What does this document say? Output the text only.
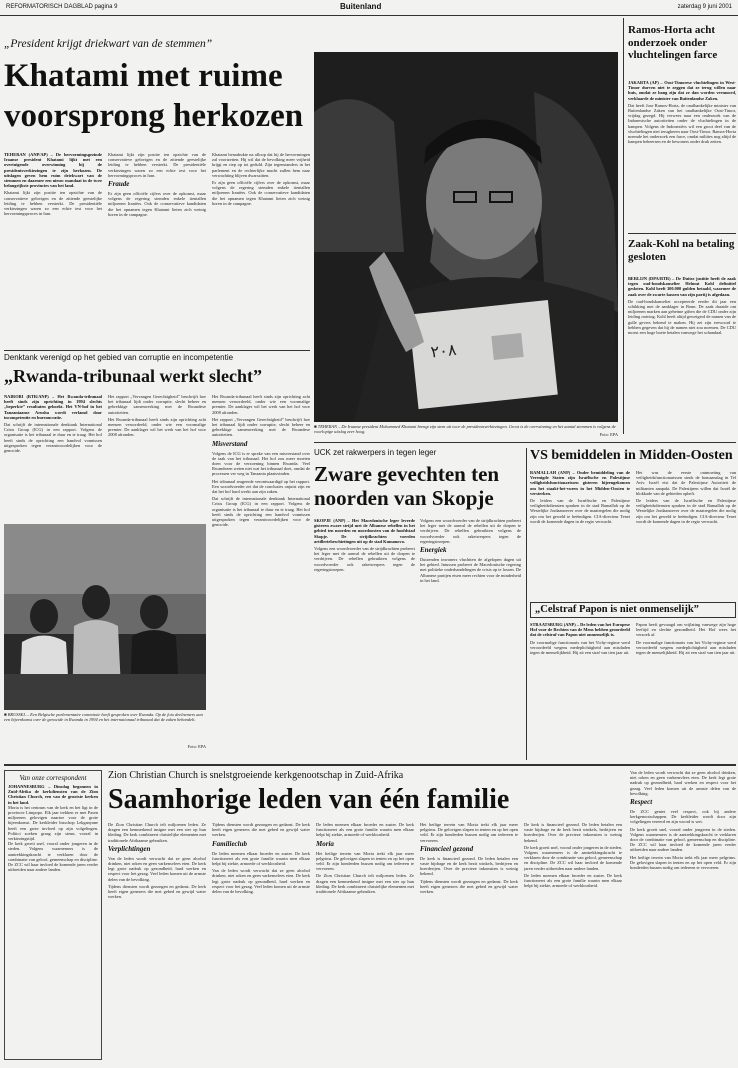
REFORMATORISCH DAGBLAD pagina 9	Buitenland	zaterdag 9 juni 2001
„President krijgt driekwart van de stemmen”
Khatami met ruime voorsprong herkozen

TEHERAN (ANP/AP) – De hervormingsgezinde Iraanse president Khatami lijkt met een overtuigende overwinning bij de presidentsverkiezingen te zijn herkozen. De uitslagen geven hem ruim driekwart van de stemmen en daarmee een nieuw mandaat in de twee belangrijkste provincies van het land.

Khatami lijkt zijn positie ten opzichte van de conservatieve gelovigen en de zittende geestelijke leiding te hebben versterkt. De presidentiële verkiezingen waren zo een echte test voor het hervormingsproces in Iran.

Khatami lijkt zijn positie ten opzichte van de conservatieve gelovigen en de zittende geestelijke leiding te hebben versterkt. De presidentiële verkiezingen waren zo een echte test voor het hervormingsproces in Iran.

Fraude

Er zijn geen officiële cijfers over de opkomst, maar volgens de regering stemden enkele tientallen miljoenen Iraniërs. Ook de conservatieve kandidaten die het opnamen tegen Khatami lieten zich weinig horen in de campagne.

Khatami benadrukte na afloop dat hij de hervormingen zal voortzetten. Hij wil dat de bevolking meer vrijheid krijgt en riep op tot geduld. Zijn tegenstanders in het parlement en de rechterlijke macht zullen hem naar verwachting blijven dwarszitten.

Er zijn geen officiële cijfers over de opkomst, maar volgens de regering stemden enkele tientallen miljoenen Iraniërs. Ook de conservatieve kandidaten die het opnamen tegen Khatami lieten zich weinig horen in de campagne.

٢٠٨
■ TEHERAN – De Iraanse president Mohammed Khatami brengt zijn stem uit voor de presidentsverkiezingen. Groot is de overwinning en het aantal stemmen is volgens de voorlopige uitslag zeer hoog.
Foto: EPA
Ramos-Horta acht onderzoek onder vluchtelingen farce

JAKARTA (AP) – Oost-Timorese vluchtelingen in West-Timor durven niet te zeggen dat ze terug willen naar huis, omdat ze bang zijn dat ze dan worden vermoord, verklaarde de minister van Buitenlandse Zaken.

Dat heeft Jose Ramos-Horta, de onafhankelijke minister van Buitenlandse Zaken van het onafhankelijke Oost-Timor, vrijdag gezegd. Hij verwees naar een onderzoek van de Indonesische autoriteiten onder de vluchtelingen in de kampen. Volgens de Indonesiërs wil een groot deel van de vluchtelingen niet terugkeren naar Oost-Timor. Ramos-Horta noemde het onderzoek een farce, omdat milities nog altijd de kampen beheersen en de bewoners onder druk zetten.

Zaak-Kohl na betaling gesloten

BERLIJN (DPA/RTR) – De Duitse justitie heeft de zaak tegen oud-bondskanselier Helmut Kohl definitief gesloten. Kohl heeft 300.000 gulden betaald, waarmee de zaak over de zwarte kassen van zijn partij is afgedaan.

De oud-bondskanselier accepteerde eerder dit jaar een schikking met de aanklager in Bonn. De zaak draaide om miljoenen marken aan geheime giften die de CDU onder zijn leiding ontving. Kohl heeft altijd geweigerd de namen van de gulle gevers bekend te maken. Hij zei zijn erewoord te hebben gegeven dat hij de namen niet zou noemen. De CDU moest een hoge boete betalen vanwege het schandaal.

Denktank verenigd op het gebied van corruptie en incompetentie
„Rwanda-tribunaal werkt slecht”

NAIROBI (RTR/ANP) – Het Rwanda-tribunaal heeft sinds zijn oprichting in 1994 slechts „beperkte” resultaten geboekt. Het VN-hof in het Tanzaniaanse Arusha wordt verlamd door incompetentie en bureaucratie.

Dat schrijft de internationale denktank International Crisis Group (ICG) in een rapport. Volgens de organisatie is het tribunaal te duur en te traag. Het hof heeft sinds de oprichting een handvol vonnissen uitgesproken tegen verantwoordelijken voor de genocide.

Het rapport „Vervangen Gerechtigheid” beschrijft hoe het tribunaal lijdt onder corruptie, slecht beheer en gebrekkige samenwerking met de Rwandese autoriteiten.

Het Rwanda-tribunaal heeft sinds zijn oprichting acht mensen veroordeeld, onder wie een voormalige premier. De aanklager wil het werk van het hof voor 2008 afronden.

Het Rwanda-tribunaal heeft sinds zijn oprichting acht mensen veroordeeld, onder wie een voormalige premier. De aanklager wil het werk van het hof voor 2008 afronden.

Het rapport „Vervangen Gerechtigheid” beschrijft hoe het tribunaal lijdt onder corruptie, slecht beheer en gebrekkige samenwerking met de Rwandese autoriteiten.

Misverstand

Volgens de ICG is er sprake van een misverstand over de taak van het tribunaal. Het hof zou meer moeten doen voor de verzoening binnen Rwanda. Veel Rwandezen weten niet wat het tribunaal doet, omdat de processen ver weg in Tanzania plaatsvinden.

Het tribunaal reageerde verontwaardigd op het rapport. Een woordvoerder zei dat de conclusies onjuist zijn en dat het hof hard werkt aan zijn zaken.

Dat schrijft de internationale denktank International Crisis Group (ICG) in een rapport. Volgens de organisatie is het tribunaal te duur en te traag. Het hof heeft sinds de oprichting een handvol vonnissen uitgesproken tegen verantwoordelijken voor de genocide.

■ BRUSSEL – Een Belgische parlementaire commissie heeft gesproken over Rwanda. Op de foto deelnemers aan een bijeenkomst over de genocide in Rwanda in 1994 en het internationaal tribunaal dat de zaken behandelt.
Foto: EPA
UCK zet rakwerpers in tegen leger
Zware gevechten ten noorden van Skopje

SKOPJE (ANP) – Het Macedonische leger leverde gisteren zware strijd met de Albanese rebellen in het gebied ten noorden en noordoosten van de hoofdstad Skopje. De strijdkrachten voerden artilleriebeschietingen uit op de stad Kumanovo.

Volgens een woordvoerder van de strijdkrachten probeert het leger met de aanval de rebellen uit de dorpen te verdrijven. De rebellen gebruikten volgens de woordvoerder ook raketwerpers tegen de regeringstroepen.

Volgens een woordvoerder van de strijdkrachten probeert het leger met de aanval de rebellen uit de dorpen te verdrijven. De rebellen gebruikten volgens de woordvoerder ook raketwerpers tegen de regeringstroepen.

Energiek

Duizenden inwoners vluchtten de afgelopen dagen uit het gebied. Intussen probeert de Macedonische regering met politieke onderhandelingen de crisis op te lossen. De Albanese partijen eisen meer rechten voor de minderheid in het land.

VS bemiddelen in Midden-Oosten

RAMALLAH (ANP) – Onder bemiddeling van de Verenigde Staten zijn Israëlische en Palestijnse veiligheidsfunctionarissen gisteren bijeengekomen om het staakt-het-vuren in het Midden-Oosten te versterken.

De leiders van de Israëlische en Palestijnse veiligheidsdiensten spraken in de stad Ramallah op de Westelijke Jordaanoever over de maatregelen die nodig zijn om het geweld te beëindigen. CIA-directeur Tenet wordt de komende dagen in de regio verwacht.

Het was de eerste ontmoeting van veiligheidsfunctionarissen sinds de bomaanslag in Tel Aviv. Israël eist dat de Palestijnse Autoriteit de militanten aanpakt. De Palestijnen willen dat Israël de blokkade van de gebieden opheft.

De leiders van de Israëlische en Palestijnse veiligheidsdiensten spraken in de stad Ramallah op de Westelijke Jordaanoever over de maatregelen die nodig zijn om het geweld te beëindigen. CIA-directeur Tenet wordt de komende dagen in de regio verwacht.

„Celstraf Papon is niet onmenselijk”

STRAATSBURG (ANP) – De leden van het Europese Hof voor de Rechten van de Mens hebben geoordeeld dat de celstraf van Papon niet onmenselijk is.

De voormalige functionaris van het Vichy-regime werd veroordeeld wegens medeplichtigheid aan misdaden tegen de menselijkheid. Hij zit een straf van tien jaar uit.

Papon heeft gevraagd om vrijlating vanwege zijn hoge leeftijd en slechte gezondheid. Het Hof wees het verzoek af.

De voormalige functionaris van het Vichy-regime werd veroordeeld wegens medeplichtigheid aan misdaden tegen de menselijkheid. Hij zit een straf van tien jaar uit.

Van onze correspondent

JOHANNESBURG – Dinsdag begonnen in Zuid-Afrika de kerkdiensten van de Zion Christian Church, een van de grootste kerken in het land.

Moria is het centrum van de kerk en het ligt in de provincie Limpopo. Elk jaar trekken er met Pasen miljoenen gelovigen naartoe voor de grote bijeenkomst. De kerkleider bisschop Lekganyane heeft een grote invloed op zijn volgelingen. Politici zoeken graag zijn steun, vooral in verkiezingstijd.

De kerk groeit snel, vooral onder jongeren in de steden. Volgens waarnemers is de aantrekkingskracht te verklaren door de combinatie van geloof, gemeenschap en discipline. De ZCC wil haar invloed de komende jaren verder uitbreiden naar andere landen.

Zion Christian Church is snelstgroeiende kerkgenootschap in Zuid-Afrika
Saamhorige leden van één familie

De Zion Christian Church telt miljoenen leden. Ze dragen een kenmerkend insigne met een ster op hun kleding. De kerk combineert christelijke elementen met traditionele Afrikaanse gebruiken.

Verplichtingen

Van de leden wordt verwacht dat ze geen alcohol drinken, niet roken en geen varkensvlees eten. De kerk legt grote nadruk op gezondheid, hard werken en respect voor het gezag. Veel leden komen uit de armste delen van de bevolking.

Tijdens diensten wordt gezongen en gedanst. De kerk heeft eigen genezers die met gebed en gewijd water werken.

Tijdens diensten wordt gezongen en gedanst. De kerk heeft eigen genezers die met gebed en gewijd water werken.

Familieclub

De leden noemen elkaar broeder en zuster. De kerk functioneert als een grote familie waarin men elkaar helpt bij ziekte, armoede of werkloosheid.

Van de leden wordt verwacht dat ze geen alcohol drinken, niet roken en geen varkensvlees eten. De kerk legt grote nadruk op gezondheid, hard werken en respect voor het gezag. Veel leden komen uit de armste delen van de bevolking.

De leden noemen elkaar broeder en zuster. De kerk functioneert als een grote familie waarin men elkaar helpt bij ziekte, armoede of werkloosheid.

Moria

Het heilige terrein van Moria trekt elk jaar meer pelgrims. De gelovigen slapen in tenten en op het open veld. Er zijn honderden bussen nodig om iedereen te vervoeren.

De Zion Christian Church telt miljoenen leden. Ze dragen een kenmerkend insigne met een ster op hun kleding. De kerk combineert christelijke elementen met traditionele Afrikaanse gebruiken.

Het heilige terrein van Moria trekt elk jaar meer pelgrims. De gelovigen slapen in tenten en op het open veld. Er zijn honderden bussen nodig om iedereen te vervoeren.

Financieel gezond

De kerk is financieel gezond. De leden betalen een vaste bijdrage en de kerk bezit winkels, bedrijven en boerderijen. Over de precieze inkomsten is weinig bekend.

Tijdens diensten wordt gezongen en gedanst. De kerk heeft eigen genezers die met gebed en gewijd water werken.

De kerk is financieel gezond. De leden betalen een vaste bijdrage en de kerk bezit winkels, bedrijven en boerderijen. Over de precieze inkomsten is weinig bekend.

De kerk groeit snel, vooral onder jongeren in de steden. Volgens waarnemers is de aantrekkingskracht te verklaren door de combinatie van geloof, gemeenschap en discipline. De ZCC wil haar invloed de komende jaren verder uitbreiden naar andere landen.

De leden noemen elkaar broeder en zuster. De kerk functioneert als een grote familie waarin men elkaar helpt bij ziekte, armoede of werkloosheid.

Van de leden wordt verwacht dat ze geen alcohol drinken, niet roken en geen varkensvlees eten. De kerk legt grote nadruk op gezondheid, hard werken en respect voor het gezag. Veel leden komen uit de armste delen van de bevolking.

Respect

De ZCC geniet veel respect, ook bij andere kerkgenootschappen. De kerkleider wordt door zijn volgelingen vereerd en zijn woord is wet.

De kerk groeit snel, vooral onder jongeren in de steden. Volgens waarnemers is de aantrekkingskracht te verklaren door de combinatie van geloof, gemeenschap en discipline. De ZCC wil haar invloed de komende jaren verder uitbreiden naar andere landen.

Het heilige terrein van Moria trekt elk jaar meer pelgrims. De gelovigen slapen in tenten en op het open veld. Er zijn honderden bussen nodig om iedereen te vervoeren.
